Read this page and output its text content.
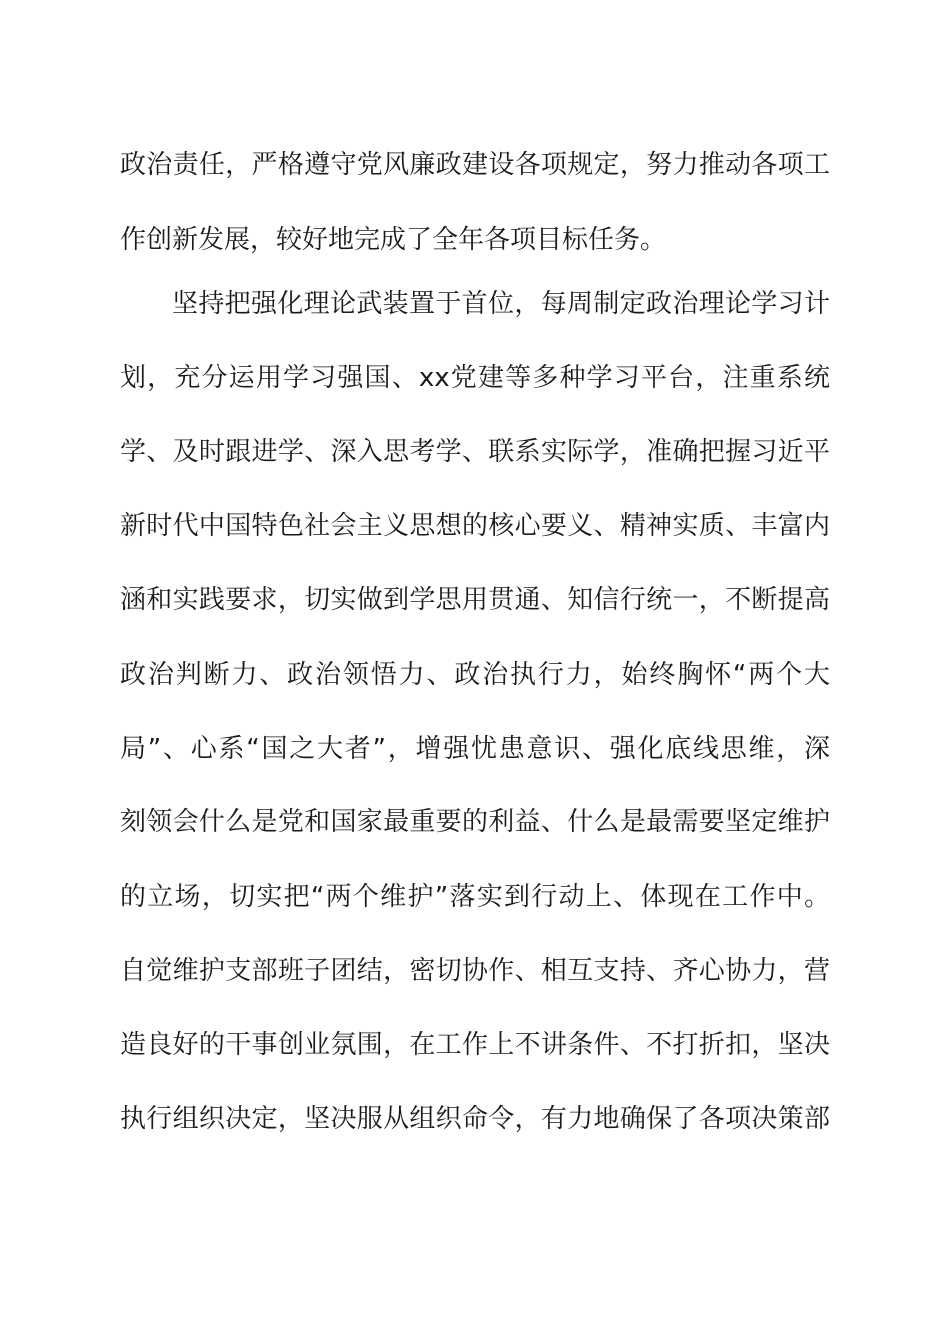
政治责任，严格遵守党风廉政建设各项规定，努力推动各项工
作创新发展，较好地完成了全年各项目标任务。
坚持把强化理论武装置于首位，每周制定政治理论学习计
划，充分运用学习强国、xx党建等多种学习平台，注重系统
学、及时跟进学、深入思考学、联系实际学，准确把握习近平
新时代中国特色社会主义思想的核心要义、精神实质、丰富内
涵和实践要求，切实做到学思用贯通、知信行统一，不断提高
政治判断力、政治领悟力、政治执行力，始终胸怀“两个大
局”、心系“国之大者”，增强忧患意识、强化底线思维，深
刻领会什么是党和国家最重要的利益、什么是最需要坚定维护
的立场，切实把“两个维护”落实到行动上、体现在工作中。
自觉维护支部班子团结，密切协作、相互支持、齐心协力，营
造良好的干事创业氛围，在工作上不讲条件、不打折扣，坚决
执行组织决定，坚决服从组织命令，有力地确保了各项决策部
